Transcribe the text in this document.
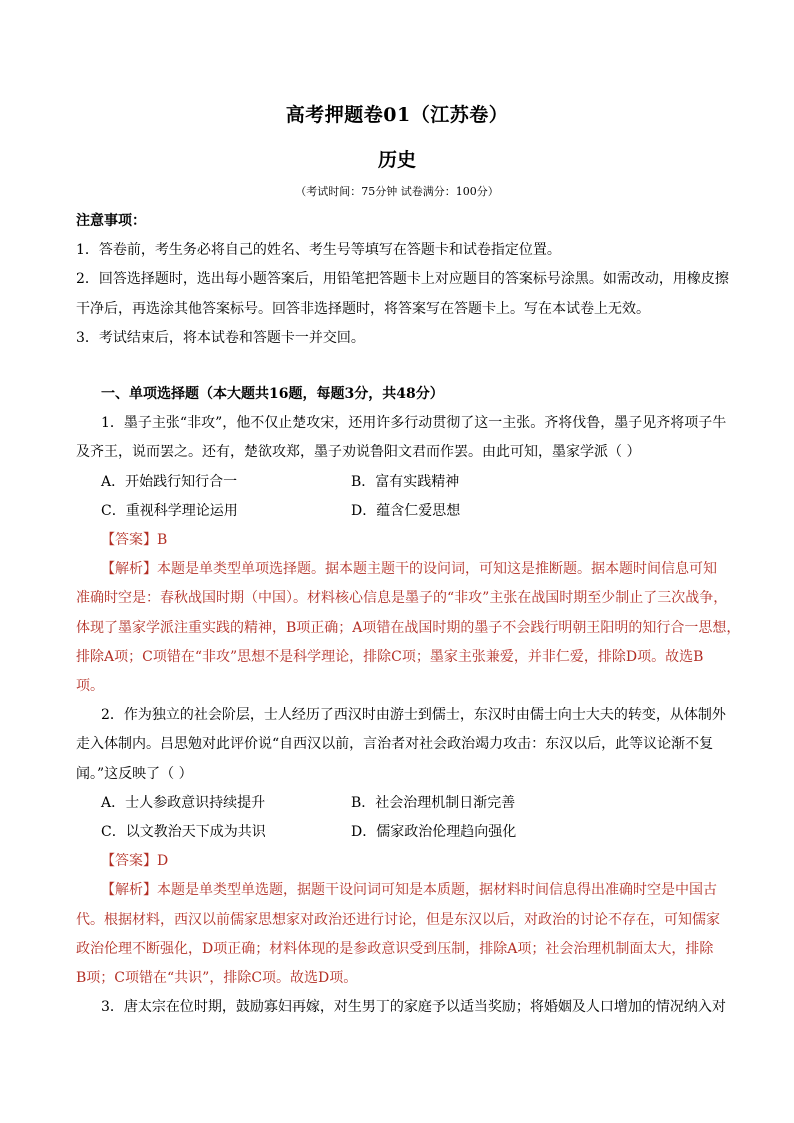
高考押题卷01（江苏卷）
历史
（考试时间：75分钟 试卷满分：100分）
注意事项：
1．答卷前，考生务必将自己的姓名、考生号等填写在答题卡和试卷指定位置。
2．回答选择题时，选出每小题答案后，用铅笔把答题卡上对应题目的答案标号涂黑。如需改动，用橡皮擦
干净后，再选涂其他答案标号。回答非选择题时，将答案写在答题卡上。写在本试卷上无效。
3．考试结束后，将本试卷和答题卡一并交回。
一、单项选择题（本大题共16题，每题3分，共48分）
1．墨子主张“非攻”，他不仅止楚攻宋，还用许多行动贯彻了这一主张。齐将伐鲁，墨子见齐将项子牛
及齐王，说而罢之。还有，楚欲攻郑，墨子劝说鲁阳文君而作罢。由此可知，墨家学派（ ）
A．开始践行知行合一	B．富有实践精神
C．重视科学理论运用	D．蕴含仁爱思想
【答案】B
【解析】本题是单类型单项选择题。据本题主题干的设问词，可知这是推断题。据本题时间信息可知
准确时空是：春秋战国时期（中国）。材料核心信息是墨子的“非攻”主张在战国时期至少制止了三次战争，
体现了墨家学派注重实践的精神，B项正确；A项错在战国时期的墨子不会践行明朝王阳明的知行合一思想，
排除A项；C项错在“非攻”思想不是科学理论，排除C项；墨家主张兼爱，并非仁爱，排除D项。故选B
项。
2．作为独立的社会阶层，士人经历了西汉时由游士到儒士，东汉时由儒士向士大夫的转变，从体制外
走入体制内。吕思勉对此评价说“自西汉以前，言治者对社会政治竭力攻击：东汉以后，此等议论渐不复
闻。”这反映了（ ）
A．士人参政意识持续提升	B．社会治理机制日渐完善
C．以文教治天下成为共识	D．儒家政治伦理趋向强化
【答案】D
【解析】本题是单类型单选题，据题干设问词可知是本质题，据材料时间信息得出准确时空是中国古
代。根据材料，西汉以前儒家思想家对政治还进行讨论，但是东汉以后，对政治的讨论不存在，可知儒家
政治伦理不断强化，D项正确；材料体现的是参政意识受到压制，排除A项；社会治理机制面太大，排除
B项；C项错在“共识”，排除C项。故选D项。
3．唐太宗在位时期，鼓励寡妇再嫁，对生男丁的家庭予以适当奖励；将婚姻及人口增加的情况纳入对
